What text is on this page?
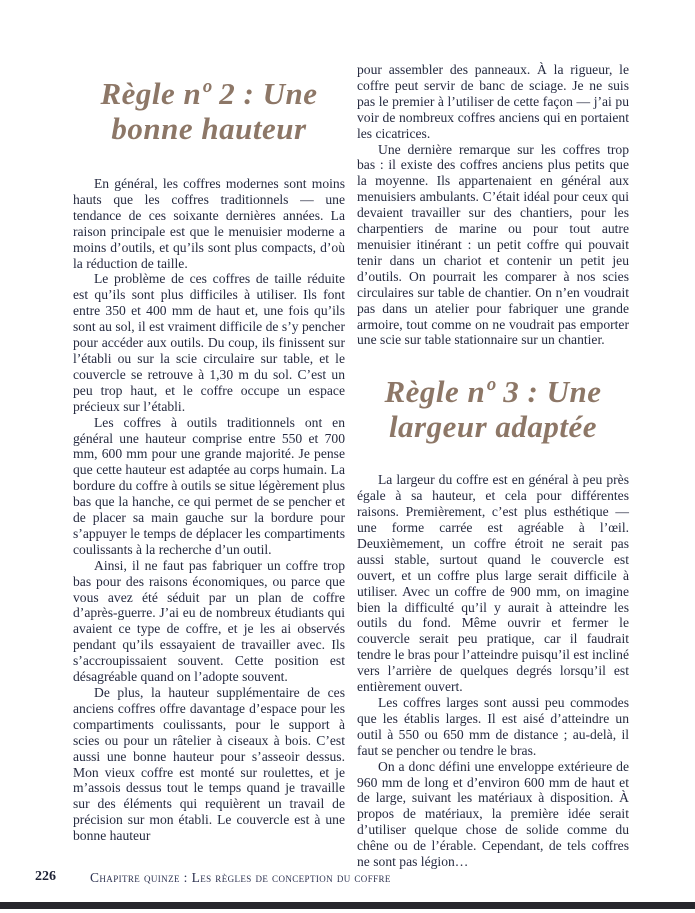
Règle nº 2 : Une
bonne hauteur

En général, les coffres modernes sont moins hauts que les coffres traditionnels — une tendance de ces soixante dernières années. La raison principale est que le menuisier moderne a moins d’outils, et qu’ils sont plus compacts, d’où la réduction de taille.

Le problème de ces coffres de taille réduite est qu’ils sont plus difficiles à utiliser. Ils font entre 350 et 400 mm de haut et, une fois qu’ils sont au sol, il est vraiment difficile de s’y pencher pour accéder aux outils. Du coup, ils finissent sur l’établi ou sur la scie circulaire sur table, et le couvercle se retrouve à 1,30 m du sol. C’est un peu trop haut, et le coffre occupe un espace précieux sur l’établi.

Les coffres à outils traditionnels ont en général une hauteur comprise entre 550 et 700 mm, 600 mm pour une grande majorité. Je pense que cette hauteur est adaptée au corps humain. La bordure du coffre à outils se situe légèrement plus bas que la hanche, ce qui permet de se pencher et de placer sa main gauche sur la bordure pour s’appuyer le temps de déplacer les compartiments coulissants à la recherche d’un outil.

Ainsi, il ne faut pas fabriquer un coffre trop bas pour des raisons économiques, ou parce que vous avez été séduit par un plan de coffre d’après-guerre. J’ai eu de nombreux étudiants qui avaient ce type de coffre, et je les ai observés pendant qu’ils essayaient de travailler avec. Ils s’accroupissaient souvent. Cette position est désagréable quand on l’adopte souvent.

De plus, la hauteur supplémentaire de ces anciens coffres offre davantage d’espace pour les compartiments coulissants, pour le support à scies ou pour un râtelier à ciseaux à bois. C’est aussi une bonne hauteur pour s’asseoir dessus. Mon vieux coffre est monté sur roulettes, et je m’assois dessus tout le temps quand je travaille sur des éléments qui requièrent un travail de précision sur mon établi. Le couvercle est à une bonne hauteur

pour assembler des panneaux. À la rigueur, le coffre peut servir de banc de sciage. Je ne suis pas le premier à l’utiliser de cette façon — j’ai pu voir de nombreux coffres anciens qui en portaient les cicatrices.

Une dernière remarque sur les coffres trop bas : il existe des coffres anciens plus petits que la moyenne. Ils appartenaient en général aux menuisiers ambulants. C’était idéal pour ceux qui devaient travailler sur des chantiers, pour les charpentiers de marine ou pour tout autre menuisier itinérant : un petit coffre qui pouvait tenir dans un chariot et contenir un petit jeu d’outils. On pourrait les comparer à nos scies circulaires sur table de chantier. On n’en voudrait pas dans un atelier pour fabriquer une grande armoire, tout comme on ne voudrait pas emporter une scie sur table stationnaire sur un chantier.

Règle nº 3 : Une
largeur adaptée

La largeur du coffre est en général à peu près égale à sa hauteur, et cela pour différentes raisons. Premièrement, c’est plus esthétique — une forme carrée est agréable à l’œil. Deuxièmement, un coffre étroit ne serait pas aussi stable, surtout quand le couvercle est ouvert, et un coffre plus large serait difficile à utiliser. Avec un coffre de 900 mm, on imagine bien la difficulté qu’il y aurait à atteindre les outils du fond. Même ouvrir et fermer le couvercle serait peu pratique, car il faudrait tendre le bras pour l’atteindre puisqu’il est incliné vers l’arrière de quelques degrés lorsqu’il est entièrement ouvert.

Les coffres larges sont aussi peu commodes que les établis larges. Il est aisé d’atteindre un outil à 550 ou 650 mm de distance ; au-delà, il faut se pencher ou tendre le bras.

On a donc défini une enveloppe extérieure de 960 mm de long et d’environ 600 mm de haut et de large, suivant les matériaux à disposition. À propos de matériaux, la première idée serait d’utiliser quelque chose de solide comme du chêne ou de l’érable. Cependant, de tels coffres ne sont pas légion…

226	Chapitre quinze : Les règles de conception du coffre
